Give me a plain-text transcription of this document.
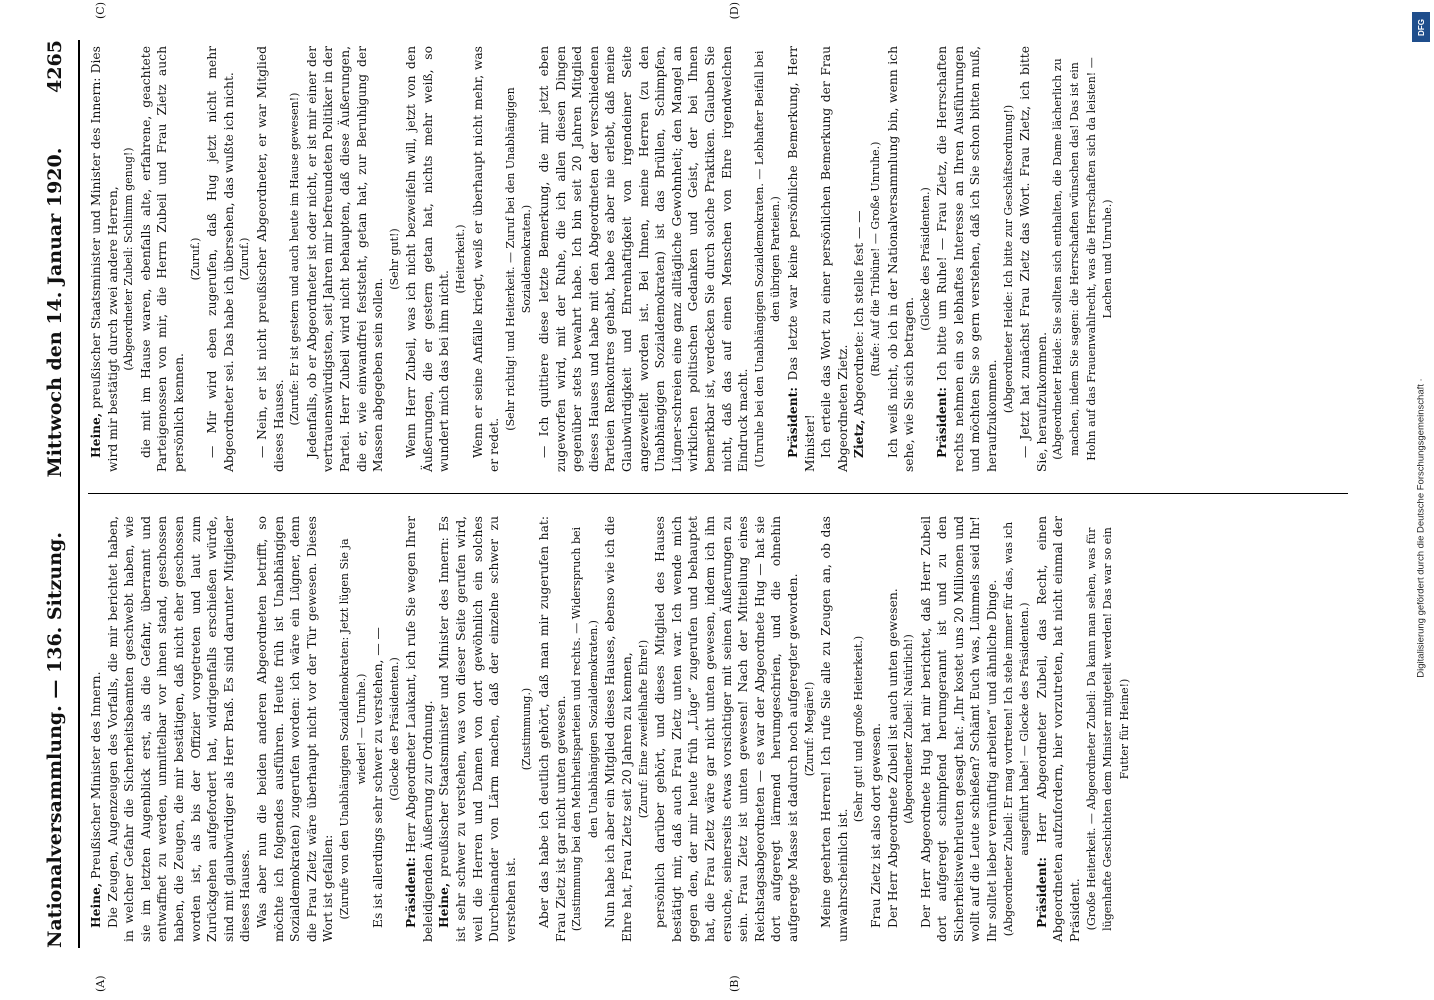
Nationalversammlung. — 136. Sitzung.
Mittwoch den 14. Januar 1920.
4265
(A)	(B)
(C)	(D)

Heine, Preußischer Minister des Innern. Die Zeugen, Augenzeugen des Vorfalls, die mir berichtet haben, in welcher Gefahr die Sicherheitsbeamten geschwebt haben, wie sie im letzten Augenblick erst, als die Gefahr, überrannt und entwaffnet zu werden, unmittelbar vor ihnen stand, geschossen haben, die Zeugen, die mir bestätigen, daß nicht eher geschossen worden ist, als bis der Offizier vorgetreten und laut zum Zurückgehen aufgefordert hat, widrigenfalls erschießen würde, sind mit glaubwürdiger als Herr Braß. Es sind darunter Mitglieder dieses Hauses. Was aber nun die beiden anderen Abgeordneten betrifft, so möchte ich folgendes ausführen. Heute früh ist Unabhängigen Sozialdemokraten) zugerufen worden: ich wäre ein Lügner, denn die Frau Zietz wäre überhaupt nicht vor der Tür gewesen. Dieses Wort ist gefallen: (Zurufe von den Unabhängigen Sozialdemokraten: Jetzt lügen Sie ja wieder! — Unruhe.) Es ist allerdings sehr schwer zu verstehen, — — (Glocke des Präsidenten.)

Präsident: Herr Abgeordneter Laukant, ich rufe Sie wegen Ihrer beleidigenden Äußerung zur Ordnung. Heine, preußischer Staatsminister und Minister des Innern: Es ist sehr schwer zu verstehen, was von dieser Seite gerufen wird, weil die Herren und Damen von dort gewöhnlich ein solches Durcheinander von Lärm machen, daß der einzelne schwer zu verstehen ist.

(Zustimmung.) Aber das habe ich deutlich gehört, daß man mir zugerufen hat: Frau Zietz ist gar nicht unten gewesen. (Zustimmung bei den Mehrheitsparteien und rechts. — Widerspruch bei den Unabhängigen Sozialdemokraten.) Nun habe ich aber ein Mitglied dieses Hauses, ebenso wie ich die Ehre hat, Frau Zietz seit 20 Jahren zu kennen, (Zuruf: Eine zweifelhafte Ehre!) persönlich darüber gehört, und dieses Mitglied des Hauses bestätigt mir, daß auch Frau Zietz unten war. Ich wende mich gegen den, der mir heute früh „Lüge“ zugerufen und behauptet hat, die Frau Zietz wäre gar nicht unten gewesen, indem ich ihn ersuche, seinerseits etwas vorsichtiger mit seinen Äußerungen zu sein. Frau Zietz ist unten gewesen! Nach der Mitteilung eines Reichstagsabgeordneten — es war der Abgeordnete Hug — hat sie dort aufgeregt lärmend herumgeschrien, und die ohnehin aufgeregte Masse ist dadurch noch aufgeregter geworden. (Zuruf: Megäre!) Meine geehrten Herren! Ich rufe Sie alle zu Zeugen an, ob das unwahrscheinlich ist.

(Sehr gut! und große Heiterkeit.) Frau Zietz ist also dort gewesen. Der Herr Abgeordnete Zubeil ist auch unten gewesen. (Abgeordneter Zubeil: Natürlich!) Der Herr Abgeordnete Hug hat mir berichtet, daß Herr Zubeil dort aufgeregt schimpfend herumgerannt ist und zu den Sicherheitswehrleuten gesagt hat: „Ihr kostet uns 20 Millionen und wollt auf die Leute schießen? Schämt Euch was, Lümmels seid Ihr! Ihr solltet lieber vernünftig arbeiten“ und ähnliche Dinge. (Abgeordneter Zubeil: Er mag vortreten! Ich stehe immer für das, was ich ausgeführt habe! — Glocke des Präsidenten.)

Präsident: Herr Abgeordneter Zubeil, das Recht, einen Abgeordneten aufzufordern, hier vorzutreten, hat nicht einmal der Präsident. (Große Heiterkeit. — Abgeordneter Zubeil: Da kann man sehen, was für lügenhafte Geschichten dem Minister mitgeteilt werden! Das war so ein Futter für Heine!)

Heine, preußischer Staatsminister und Minister des Innern: Dies wird mir bestätigt durch zwei andere Herren, (Abgeordneter Zubeil: Schlimm genug!) die mit im Hause waren, ebenfalls alte, erfahrene, geachtete Parteigenossen von mir, die Herrn Zubeil und Frau Zietz auch persönlich kennen.

(Zuruf.) — Mir wird eben zugerufen, daß Hug jetzt nicht mehr Abgeordneter sei. Das habe ich übersehen, das wußte ich nicht. (Zuruf.) — Nein, er ist nicht preußischer Abgeordneter, er war Mitglied dieses Hauses.

(Zurufe: Er ist gestern und auch heute im Hause gewesen!) Jedenfalls, ob er Abgeordneter ist oder nicht, er ist mir einer der vertrauenswürdigsten, seit Jahren mir befreundeten Politiker in der Partei. Herr Zubeil wird nicht behaupten, daß diese Äußerungen, die er, wie einwandfrei feststeht, getan hat, zur Beruhigung der Massen abgegeben sein sollen.

(Sehr gut!) Wenn Herr Zubeil, was ich nicht bezweifeln will, jetzt von den Äußerungen, die er gestern getan hat, nichts mehr weiß, so wundert mich das bei ihm nicht.

(Heiterkeit.) Wenn er seine Anfälle kriegt, weiß er überhaupt nicht mehr, was er redet.

(Sehr richtig! und Heiterkeit. — Zuruf bei den Unabhängigen Sozialdemokraten.) — Ich quittiere diese letzte Bemerkung, die mir jetzt eben zugeworfen wird, mit der Ruhe, die ich allen diesen Dingen gegenüber stets bewahrt habe. Ich bin seit 20 Jahren Mitglied dieses Hauses und habe mit den Abgeordneten der verschiedenen Parteien Renkontres gehabt, habe es aber nie erlebt, daß meine Glaubwürdigkeit und Ehrenhaftigkeit von irgendeiner Seite angezweifelt worden ist. Bei Ihnen, meine Herren (zu den Unabhängigen Sozialdemokraten) ist das Brüllen, Schimpfen, Lügner-schreien eine ganz alltägliche Gewohnheit; den Mangel an wirklichen politischen Gedanken und Geist, der bei Ihnen bemerkbar ist, verdecken Sie durch solche Praktiken. Glauben Sie nicht, daß das auf einen Menschen von Ehre irgendwelchen Eindruck macht. (Unruhe bei den Unabhängigen Sozialdemokraten. — Lebhafter Beifall bei den übrigen Parteien.)

Präsident: Das letzte war keine persönliche Bemerkung, Herr Minister! Ich erteile das Wort zu einer persönlichen Bemerkung der Frau Abgeordneten Zietz. Zietz, Abgeordnete: Ich stelle fest — — (Rufe: Auf die Tribüne! — Große Unruhe.) Ich weiß nicht, ob ich in der Nationalversammlung bin, wenn ich sehe, wie Sie sich betragen.

(Glocke des Präsidenten.)

Präsident: Ich bitte um Ruhe! — Frau Zietz, die Herrschaften rechts nehmen ein so lebhaftes Interesse an Ihren Ausführungen und möchten Sie so gern verstehen, daß ich Sie schon bitten muß, heraufzukommen.

(Abgeordneter Heide: Ich bitte zur Geschäftsordnung!) — Jetzt hat zunächst Frau Zietz das Wort. Frau Zietz, ich bitte Sie, heraufzukommen. (Abgeordneter Heide: Sie sollten sich enthalten, die Dame lächerlich zu machen, indem Sie sagen: die Herrschaften wünschen das! Das ist ein Hohn auf das Frauenwahlrecht, was die Herrschaften sich da leisten! — Lachen und Unruhe.)

DFG
Digitalisierung gefördert durch die Deutsche Forschungsgemeinschaft ·
